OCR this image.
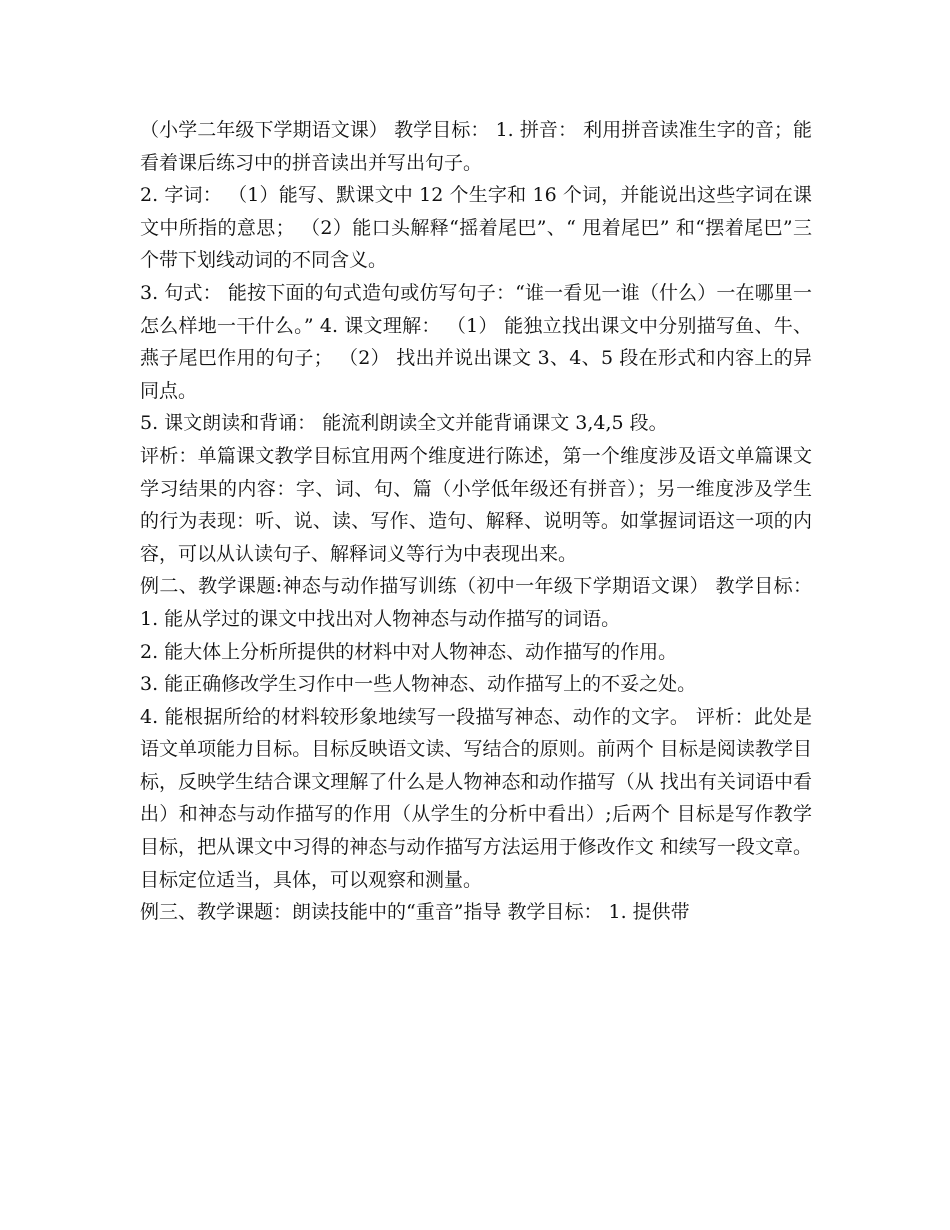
（小学二年级下学期语文课） 教学目标： 1. 拼音： 利用拼音读准生字的音；能看着课后练习中的拼音读出并写出句子。

2. 字词： （1）能写、默课文中 12 个生字和 16 个词，并能说出这些字词在课文中所指的意思； （2）能口头解释“摇着尾巴”、“ 甩着尾巴” 和“摆着尾巴”三个带下划线动词的不同含义。

3. 句式： 能按下面的句式造句或仿写句子：“谁一看见一谁（什么）一在哪里一怎么样地一干什么。” 4. 课文理解： （1） 能独立找出课文中分别描写鱼、牛、燕子尾巴作用的句子； （2） 找出并说出课文 3、4、5 段在形式和内容上的异同点。

5. 课文朗读和背诵： 能流利朗读全文并能背诵课文 3,4,5 段。

评析：单篇课文教学目标宜用两个维度进行陈述，第一个维度涉及语文单篇课文学习结果的内容：字、词、句、篇（小学低年级还有拼音）；另一维度涉及学生的行为表现：听、说、读、写作、造句、解释、说明等。如掌握词语这一项的内容，可以从认读句子、解释词义等行为中表现出来。

例二、教学课题:神态与动作描写训练（初中一年级下学期语文课） 教学目标： 1. 能从学过的课文中找出对人物神态与动作描写的词语。

2. 能大体上分析所提供的材料中对人物神态、动作描写的作用。

3. 能正确修改学生习作中一些人物神态、动作描写上的不妥之处。

4. 能根据所给的材料较形象地续写一段描写神态、动作的文字。 评析：此处是语文单项能力目标。目标反映语文读、写结合的原则。前两个 目标是阅读教学目标，反映学生结合课文理解了什么是人物神态和动作描写（从 找出有关词语中看出）和神态与动作描写的作用（从学生的分析中看出）;后两个 目标是写作教学目标，把从课文中习得的神态与动作描写方法运用于修改作文 和续写一段文章。目标定位适当，具体，可以观察和测量。

例三、教学课题：朗读技能中的“重音”指导 教学目标： 1. 提供带
